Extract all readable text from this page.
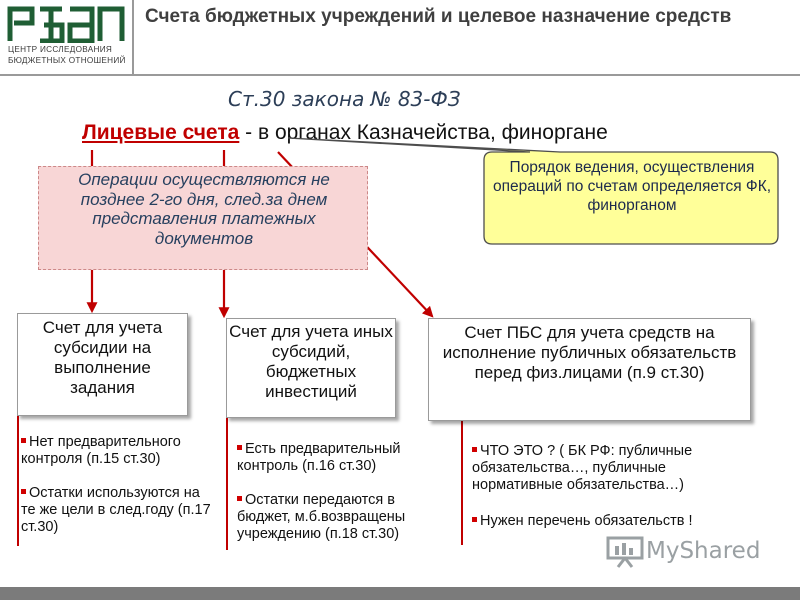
ЦЕНТР ИССЛЕДОВАНИЯ
БЮДЖЕТНЫХ ОТНОШЕНИЙ
Счета бюджетных учреждений и целевое назначение средств
Ст.30 закона № 83-ФЗ
Лицевые счета - в органах Казначейства, финоргане
Операции осуществляются не позднее 2-го дня, след.за днем представления платежных документов
Порядок ведения, осуществления операций по счетам определяется ФК, финорганом
Счет для учета субсидии на выполнение задания
Счет для учета иных субсидий, бюджетных инвестиций
Счет ПБС для учета средств на исполнение публичных обязательств перед физ.лицами (п.9 ст.30)
Нет предварительного контроля (п.15 ст.30)
Остатки используются на те же цели в след.году (п.17 ст.30)
Есть предварительный контроль (п.16 ст.30)
Остатки передаются в бюджет, м.б.возвращены учреждению (п.18 ст.30)
ЧТО ЭТО ? ( БК РФ: публичные обязательства…, публичные нормативные обязательства…)
Нужен перечень обязательств !
MyShared
